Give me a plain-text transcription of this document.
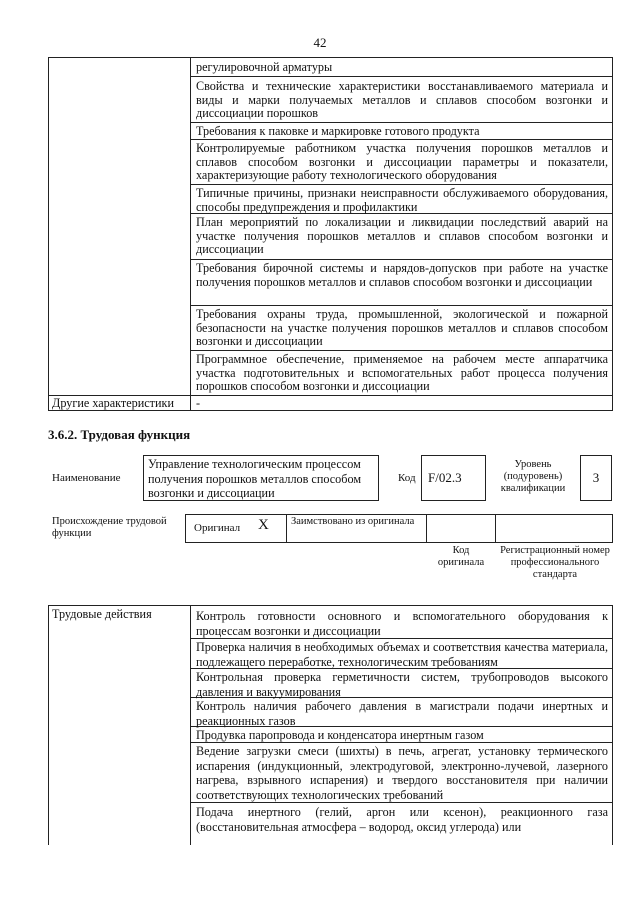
42
регулировочной арматуры
Свойства и технические характеристики восстанавливаемого материала и виды и марки получаемых металлов и сплавов способом возгонки и диссоциации порошков
Требования к паковке и маркировке готового продукта
Контролируемые работником участка получения порошков металлов и сплавов способом возгонки и диссоциации параметры и показатели, характеризующие работу технологического оборудования
Типичные причины, признаки неисправности обслуживаемого оборудования, способы предупреждения и профилактики
План мероприятий по локализации и ликвидации последствий аварий на участке получения порошков металлов и сплавов способом возгонки и диссоциации
Требования бирочной системы и нарядов-допусков при работе на участке получения порошков металлов и сплавов способом возгонки и диссоциации
Требования охраны труда, промышленной, экологической и пожарной безопасности на участке получения порошков металлов и сплавов способом возгонки и диссоциации
Программное обеспечение, применяемое на рабочем месте аппаратчика участка подготовительных и вспомогательных работ процесса получения порошков способом возгонки и диссоциации
Другие характеристики -
3.6.2. Трудовая функция
Наименование
Управление технологическим процессом получения порошков металлов способом возгонки и диссоциации
Код F/02.3
Уровень (подуровень) квалификации
3
Происхождение трудовой функции	Оригинал X Заимствовано из оригинала
Код оригинала
Регистрационный номер профессионального стандарта
Трудовые действия	Контроль готовности основного и вспомогательного оборудования к процессам возгонки и диссоциации
Проверка наличия в необходимых объемах и соответствия качества материала, подлежащего переработке, технологическим требованиям
Контрольная проверка герметичности систем, трубопроводов высокого давления и вакуумирования
Контроль наличия рабочего давления в магистрали подачи инертных и реакционных газов
Продувка паропровода и конденсатора инертным газом
Ведение загрузки смеси (шихты) в печь, агрегат, установку термического испарения (индукционный, электродуговой, электронно-лучевой, лазерного нагрева, взрывного испарения) и твердого восстановителя при наличии соответствующих технологических требований
Подача инертного (гелий, аргон или ксенон), реакционного газа (восстановительная атмосфера – водород, оксид углерода) или
